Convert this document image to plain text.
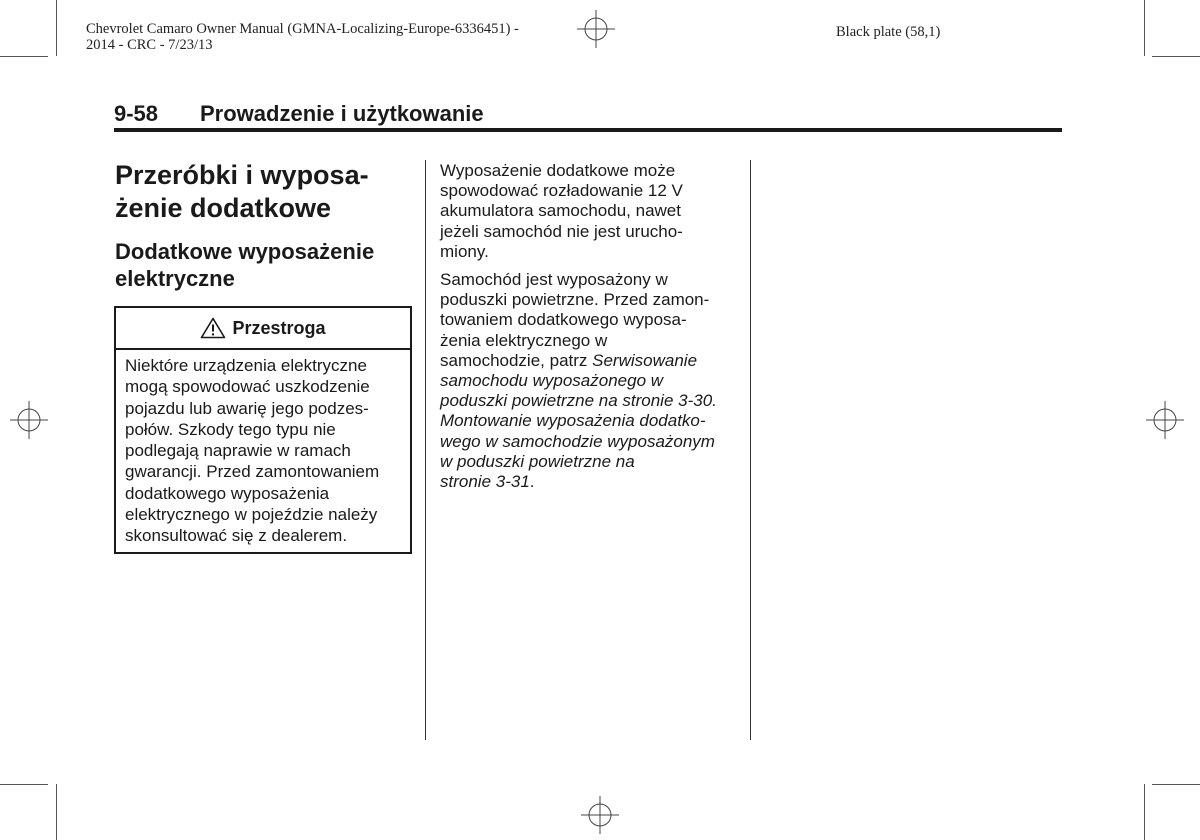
Chevrolet Camaro Owner Manual (GMNA-Localizing-Europe-6336451) -
2014 - CRC - 7/23/13
Black plate (58,1)
9-58 Prowadzenie i użytkowanie
Przeróbki i wyposa-
żenie dodatkowe
Dodatkowe wyposażenie
elektryczne
Przestroga
Niektóre urządzenia elektryczne
mogą spowodować uszkodzenie
pojazdu lub awarię jego podzes-
połów. Szkody tego typu nie
podlegają naprawie w ramach
gwarancji. Przed zamontowaniem
dodatkowego wyposażenia
elektrycznego w pojeździe należy
skonsultować się z dealerem.
Wyposażenie dodatkowe może
spowodować rozładowanie 12 V
akumulatora samochodu, nawet
jeżeli samochód nie jest urucho-
miony.
Samochód jest wyposażony w
poduszki powietrzne. Przed zamon-
towaniem dodatkowego wyposa-
żenia elektrycznego w
samochodzie, patrz Serwisowanie
samochodu wyposażonego w
poduszki powietrzne na stronie 3-30.
Montowanie wyposażenia dodatko-
wego w samochodzie wyposażonym
w poduszki powietrzne na
stronie 3-31.
